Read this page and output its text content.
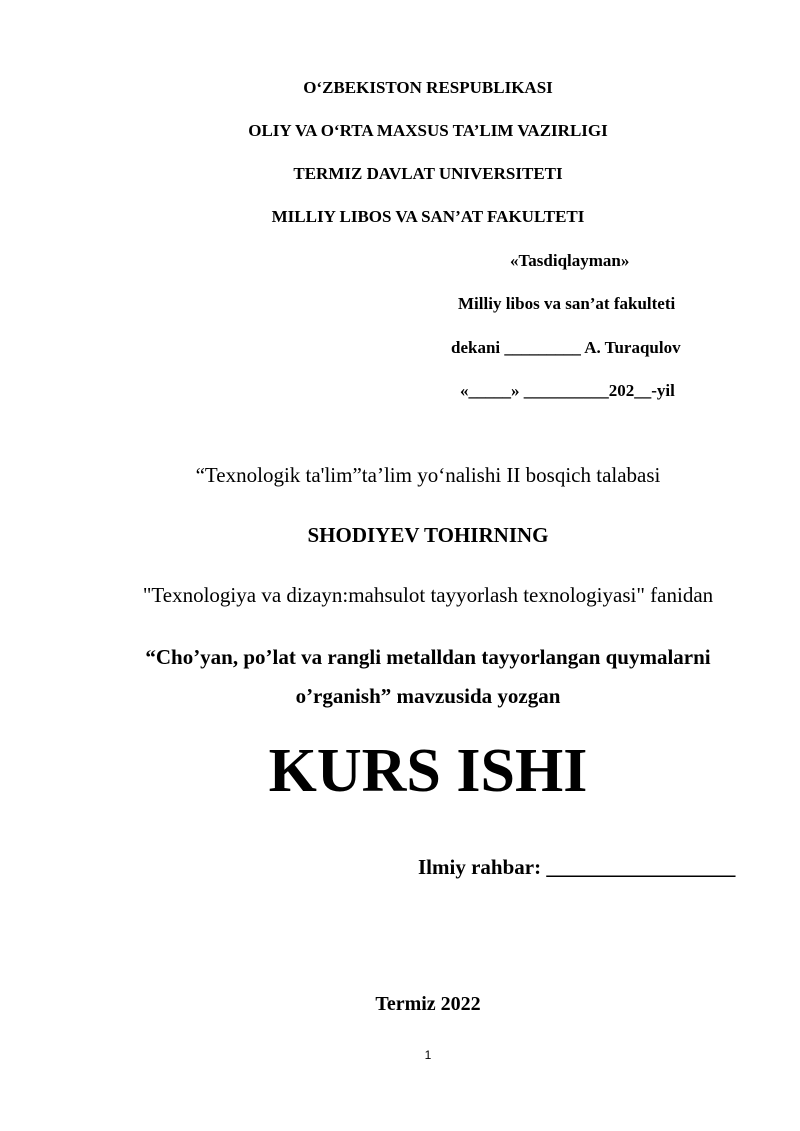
O‘ZBEKISTON RESPUBLIKASI
OLIY VA O‘RTA MAXSUS TA’LIM VAZIRLIGI
TERMIZ DAVLAT UNIVERSITETI
MILLIY LIBOS VA SAN’AT FAKULTETI
«Tasdiqlayman»
Milliy libos va san’at fakulteti
dekani _________ A. Turaqulov
«_____» __________202__-yil
“Texnologik ta'lim”ta’lim yo‘nalishi II bosqich talabasi
SHODIYEV TOHIRNING
"Texnologiya va dizayn:mahsulot tayyorlash texnologiyasi" fanidan
“Cho’yan, po’lat va rangli metalldan tayyorlangan quymalarni
o’rganish” mavzusida yozgan
KURS ISHI
Ilmiy rahbar: __________________
Termiz 2022
1
